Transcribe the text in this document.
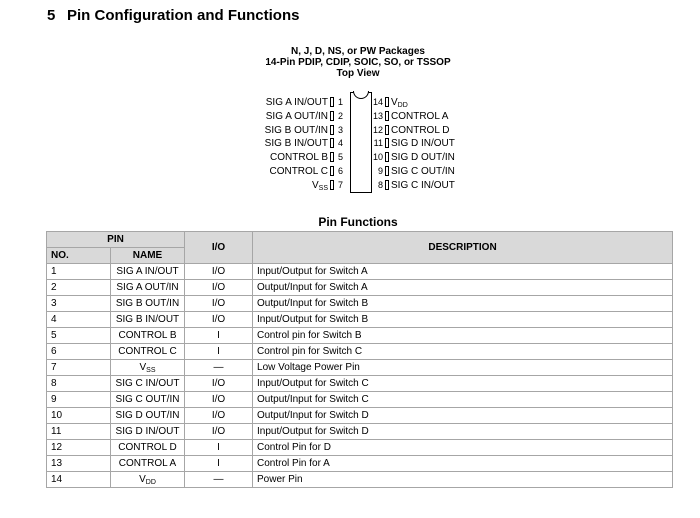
5 Pin Configuration and Functions
N, J, D, NS, or PW Packages
14-Pin PDIP, CDIP, SOIC, SO, or TSSOP
Top View
SIG A IN/OUT 1
SIG A OUT/IN 2
SIG B OUT/IN 3
SIG B IN/OUT 4
CONTROL B 5
CONTROL C 6
$V_{SS}$ 7
$V_{DD}$
14
CONTROL A
13
CONTROL D
12
SIG D IN/OUT
11
SIG D OUT/IN
10
SIG C OUT/IN
9
SIG C IN/OUT
8
Pin Functions
PIN		I/O	DESCRIPTION
NO.	NAME		
1	SIG A IN/OUT	I/O	Input/Output for Switch A
2	SIG A OUT/IN	I/O	Output/Input for Switch A
3	SIG B OUT/IN	I/O	Output/Input for Switch B
4	SIG B IN/OUT	I/O	Input/Output for Switch B
5	CONTROL B	I	Control pin for Switch B
6	CONTROL C	I	Control pin for Switch C
7	$V_{SS}$	—	Low Voltage Power Pin
8	SIG C IN/OUT	I/O	Input/Output for Switch C
9	SIG C OUT/IN	I/O	Output/Input for Switch C
10	SIG D OUT/IN	I/O	Output/Input for Switch D
11	SIG D IN/OUT	I/O	Input/Output for Switch D
12	CONTROL D	I	Control Pin for D
13	CONTROL A	I	Control Pin for A
14	$V_{DD}$	—	Power Pin
